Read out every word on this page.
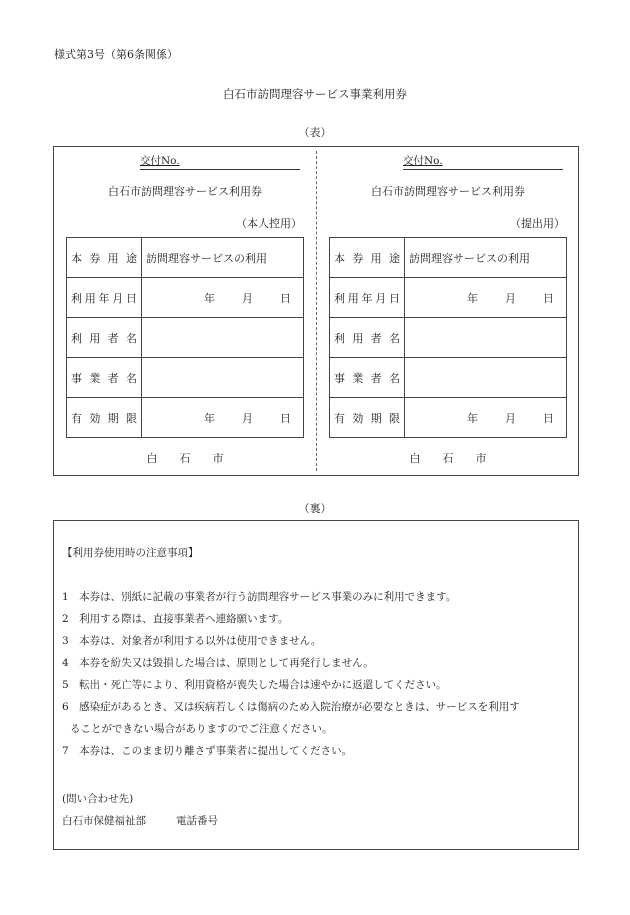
様式第3号（第6条関係）
白石市訪問理容サービス事業利用券
（表）
交付No.
白石市訪問理容サービス利用券
（本人控用）
本券用途	訪問理容サービスの利用
利用年月日	年 月 日

利用者名	
事業者名	
有効期限	年 月 日
白石市
交付No.
白石市訪問理容サービス利用券
（提出用）
本券用途	訪問理容サービスの利用
利用年月日	年 月 日

利用者名	
事業者名	
有効期限	年 月 日
白石市
（裏）
【利用券使用時の注意事項】
1　本券は、別紙に記載の事業者が行う訪問理容サービス事業のみに利用できます。
2　利用する際は、直接事業者へ連絡願います。
3　本券は、対象者が利用する以外は使用できません。
4　本券を紛失又は毀損した場合は、原則として再発行しません。
5　転出・死亡等により、利用資格が喪失した場合は速やかに返還してください。
6　感染症があるとき、又は疾病若しくは傷病のため入院治療が必要なときは、サービスを利用す
ることができない場合がありますのでご注意ください。
7　本券は、このまま切り離さず事業者に提出してください。
(問い合わせ先)
白石市保健福祉部	電話番号
